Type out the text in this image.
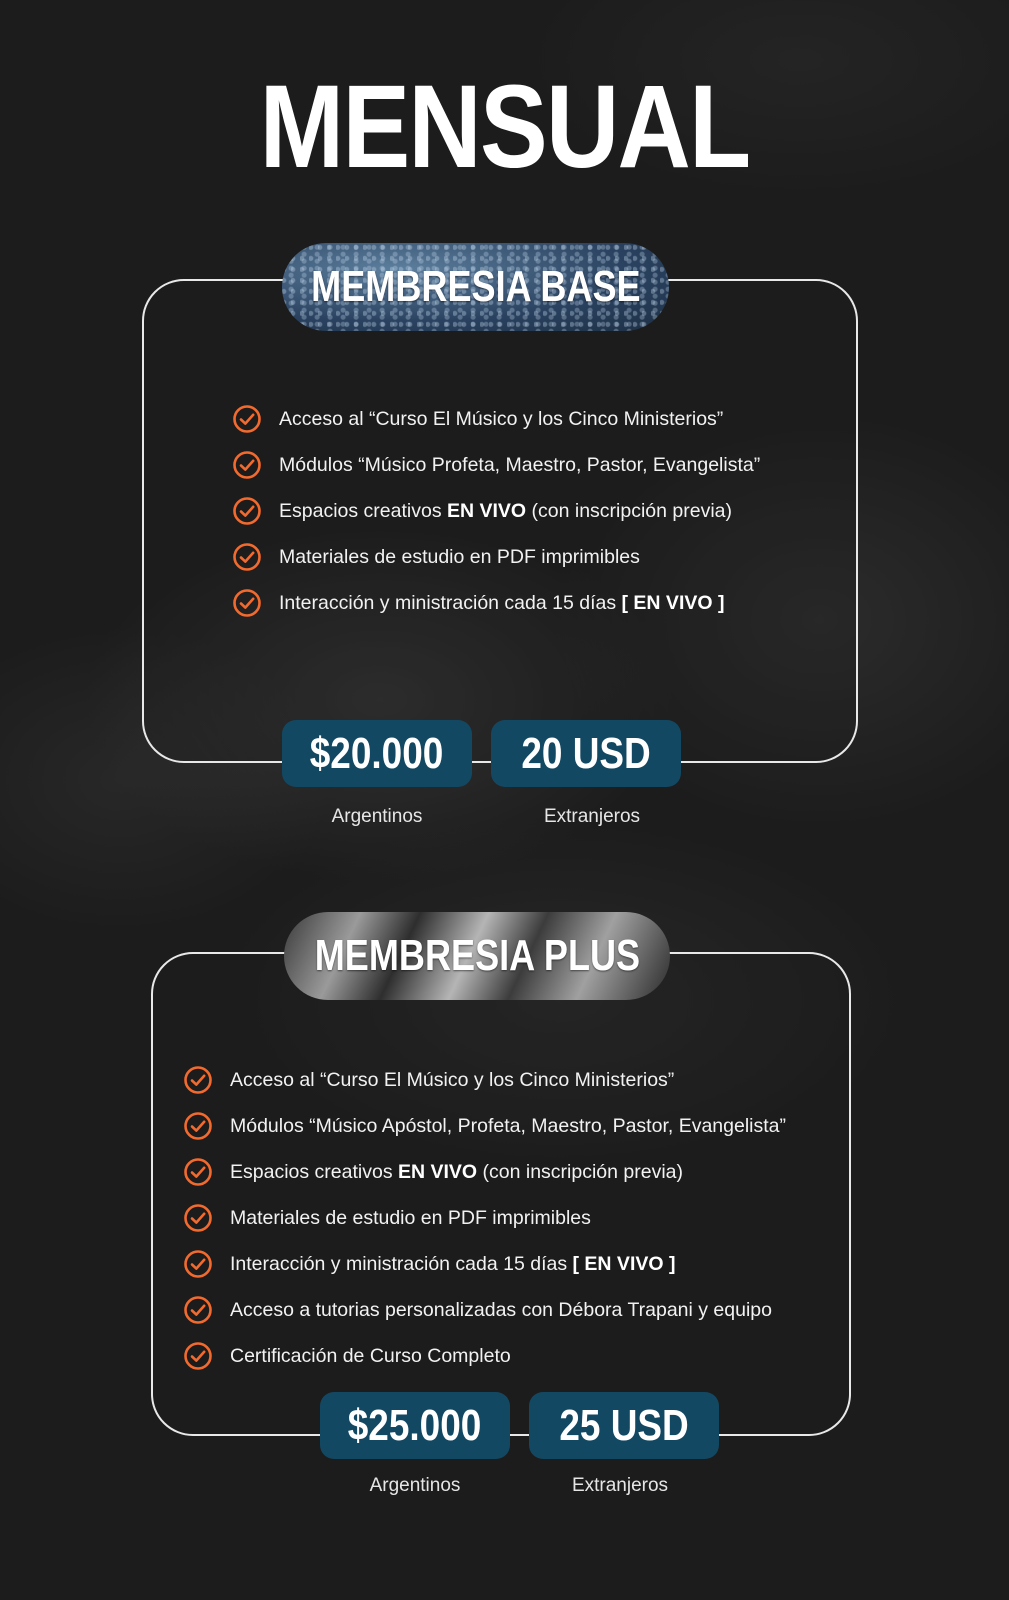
MENSUAL
MEMBRESIA BASE
Acceso al “Curso El Músico y los Cinco Ministerios”
Módulos “Músico Profeta, Maestro, Pastor, Evangelista”
Espacios creativos EN VIVO (con inscripción previa)
Materiales de estudio en PDF imprimibles
Interacción y ministración cada 15 días [ EN VIVO ]
$20.000 20 USD
Argentinos	Extranjeros
MEMBRESIA PLUS
Acceso al “Curso El Músico y los Cinco Ministerios”
Módulos “Músico Apóstol, Profeta, Maestro, Pastor, Evangelista”
Espacios creativos EN VIVO (con inscripción previa)
Materiales de estudio en PDF imprimibles
Interacción y ministración cada 15 días [ EN VIVO ]
Acceso a tutorias personalizadas con Débora Trapani y equipo
Certificación de Curso Completo
$25.000 25 USD
Argentinos	Extranjeros
